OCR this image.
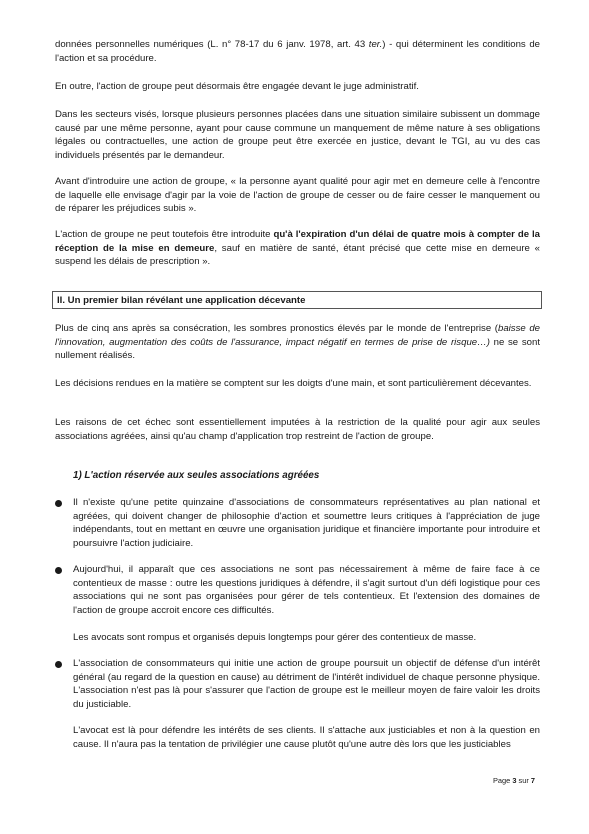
données personnelles numériques (L. n° 78-17 du 6 janv. 1978, art. 43 ter.) - qui déterminent les conditions de l'action et sa procédure.

En outre, l'action de groupe peut désormais être engagée devant le juge administratif.

Dans les secteurs visés, lorsque plusieurs personnes placées dans une situation similaire subissent un dommage causé par une même personne, ayant pour cause commune un manquement de même nature à ses obligations légales ou contractuelles, une action de groupe peut être exercée en justice, devant le TGI, au vu des cas individuels présentés par le demandeur.

Avant d'introduire une action de groupe, « la personne ayant qualité pour agir met en demeure celle à l'encontre de laquelle elle envisage d'agir par la voie de l'action de groupe de cesser ou de faire cesser le manquement ou de réparer les préjudices subis ».

L'action de groupe ne peut toutefois être introduite qu'à l'expiration d'un délai de quatre mois à compter de la réception de la mise en demeure, sauf en matière de santé, étant précisé que cette mise en demeure « suspend les délais de prescription ».

II. Un premier bilan révélant une application décevante

Plus de cinq ans après sa consécration, les sombres pronostics élevés par le monde de l'entreprise (baisse de l'innovation, augmentation des coûts de l'assurance, impact négatif en termes de prise de risque…) ne se sont nullement réalisés.

Les décisions rendues en la matière se comptent sur les doigts d'une main, et sont particulièrement décevantes.

Les raisons de cet échec sont essentiellement imputées à la restriction de la qualité pour agir aux seules associations agréées, ainsi qu'au champ d'application trop restreint de l'action de groupe.

1) L'action réservée aux seules associations agréées

Il n'existe qu'une petite quinzaine d'associations de consommateurs représentatives au plan national et agréées, qui doivent changer de philosophie d'action et soumettre leurs critiques à l'appréciation de juge indépendants, tout en mettant en œuvre une organisation juridique et financière importante pour introduire et poursuivre l'action judiciaire.

Aujourd'hui, il apparaît que ces associations ne sont pas nécessairement à même de faire face à ce contentieux de masse : outre les questions juridiques à défendre, il s'agit surtout d'un défi logistique pour ces associations qui ne sont pas organisées pour gérer de tels contentieux. Et l'extension des domaines de l'action de groupe accroit encore ces difficultés.

Les avocats sont rompus et organisés depuis longtemps pour gérer des contentieux de masse.

L'association de consommateurs qui initie une action de groupe poursuit un objectif de défense d'un intérêt général (au regard de la question en cause) au détriment de l'intérêt individuel de chaque personne physique. L'association n'est pas là pour s'assurer que l'action de groupe est le meilleur moyen de faire valoir les droits du justiciable.

L'avocat est là pour défendre les intérêts de ses clients. Il s'attache aux justiciables et non à la question en cause. Il n'aura pas la tentation de privilégier une cause plutôt qu'une autre dès lors que les justiciables

Page 3 sur 7
